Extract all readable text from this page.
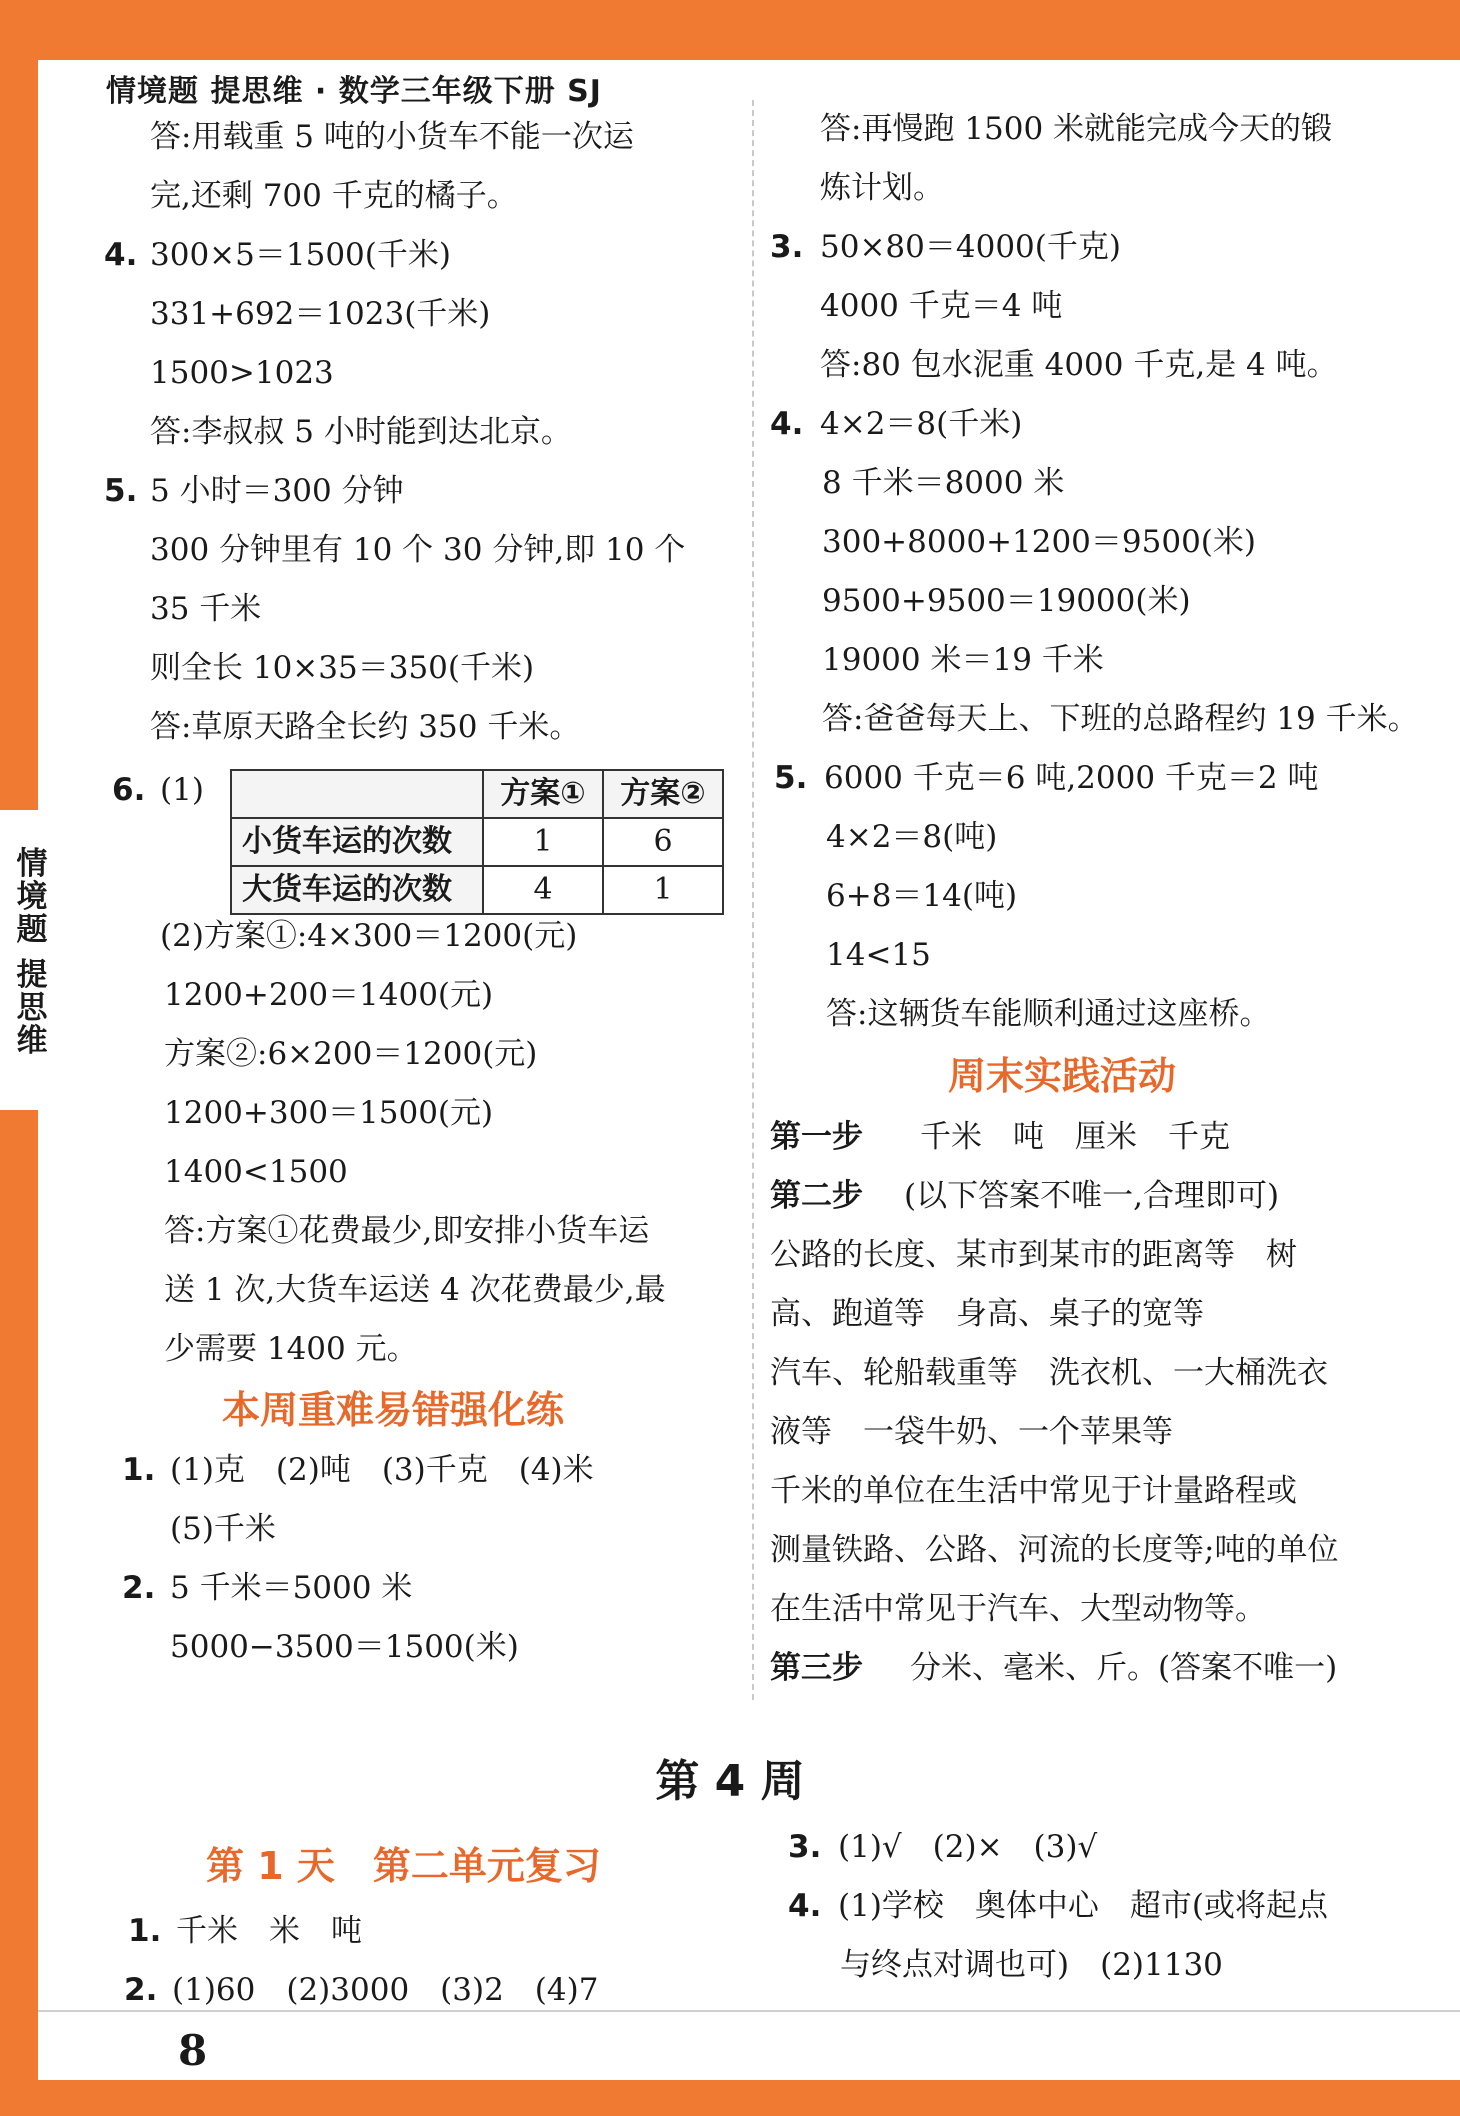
情
境
题
提
思
维
情境题 提思维 · 数学三年级下册 SJ
答:用载重 5 吨的小货车不能一次运
完,还剩 700 千克的橘子。
4. 300×5＝1500(千米)
331+692＝1023(千米)
1500>1023
答:李叔叔 5 小时能到达北京。
5. 5 小时＝300 分钟
300 分钟里有 10 个 30 分钟,即 10 个
35 千米
则全长 10×35＝350(千米)
答:草原天路全长约 350 千米。
6. (1)
		方案①	方案②
小货车运的次数	1	6
大货车运的次数	4	1
(2)方案①:4×300＝1200(元)
1200+200＝1400(元)
方案②:6×200＝1200(元)
1200+300＝1500(元)
1400<1500
答:方案①花费最少,即安排小货车运
送 1 次,大货车运送 4 次花费最少,最
少需要 1400 元。
本周重难易错强化练
1. (1)克　(2)吨　(3)千克　(4)米
(5)千米
2. 5 千米＝5000 米
5000−3500＝1500(米)
答:再慢跑 1500 米就能完成今天的锻
炼计划。
3. 50×80＝4000(千克)
4000 千克＝4 吨
答:80 包水泥重 4000 千克,是 4 吨。
4. 4×2＝8(千米)
8 千米＝8000 米
300+8000+1200＝9500(米)
9500+9500＝19000(米)
19000 米＝19 千米
答:爸爸每天上、下班的总路程约 19 千米。
5. 6000 千克＝6 吨,2000 千克＝2 吨
4×2＝8(吨)
6+8＝14(吨)
14<15
答:这辆货车能顺利通过这座桥。
周末实践活动
第一步 千米　吨　厘米　千克
第二步 (以下答案不唯一,合理即可)
公路的长度、某市到某市的距离等　树
高、跑道等　身高、桌子的宽等
汽车、轮船载重等　洗衣机、一大桶洗衣
液等　一袋牛奶、一个苹果等
千米的单位在生活中常见于计量路程或
测量铁路、公路、河流的长度等;吨的单位
在生活中常见于汽车、大型动物等。
第三步 分米、毫米、斤。(答案不唯一)
第 4 周
第 1 天　第二单元复习
1. 千米　米　吨
2. (1)60　(2)3000　(3)2　(4)7
3. (1)√　(2)×　(3)√
4. (1)学校　奥体中心　超市(或将起点
与终点对调也可)　(2)1130
8
